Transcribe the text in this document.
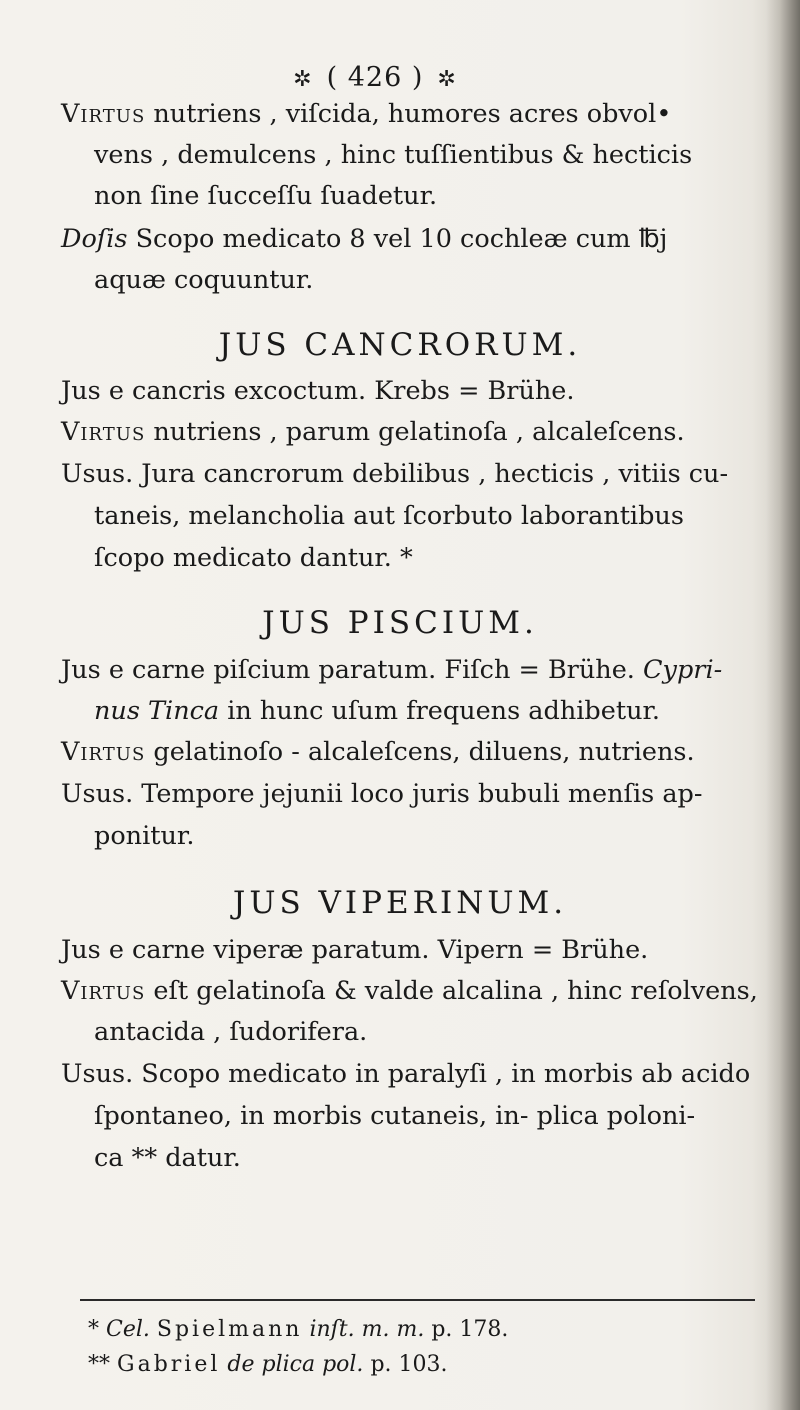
✲ ( 426 ) ✲
Virtus nutriens , viſcida, humores acres obvol•
vens , demulcens , hinc tuſſientibus & hecticis
non ſine ſucceſſu ſuadetur.
Doſis Scopo medicato 8 vel 10 cochleæ cum ℔j
aquæ coquuntur.
JUS CANCRORUM.
Jus e cancris excoctum. Krebs = Brühe.
Virtus nutriens , parum gelatinoſa , alcaleſcens.
Usus. Jura cancrorum debilibus , hecticis , vitiis cu-
taneis, melancholia aut ſcorbuto laborantibus
ſcopo medicato dantur. *
JUS PISCIUM.
Jus e carne piſcium paratum. Fiſch = Brühe. Cypri-
nus Tinca in hunc uſum frequens adhibetur.
Virtus gelatinoſo - alcaleſcens, diluens, nutriens.
Usus. Tempore jejunii loco juris bubuli menſis ap-
ponitur.
JUS VIPERINUM.
Jus e carne viperæ paratum. Vipern = Brühe.
Virtus eſt gelatinoſa & valde alcalina , hinc reſolvens,
antacida , ſudorifera.
Usus. Scopo medicato in paralyſi , in morbis ab acido
ſpontaneo, in morbis cutaneis, in- plica poloni-
ca ** datur.
* Cel. Spielmann inſt. m. m. p. 178.
** Gabriel de plica pol. p. 103.
